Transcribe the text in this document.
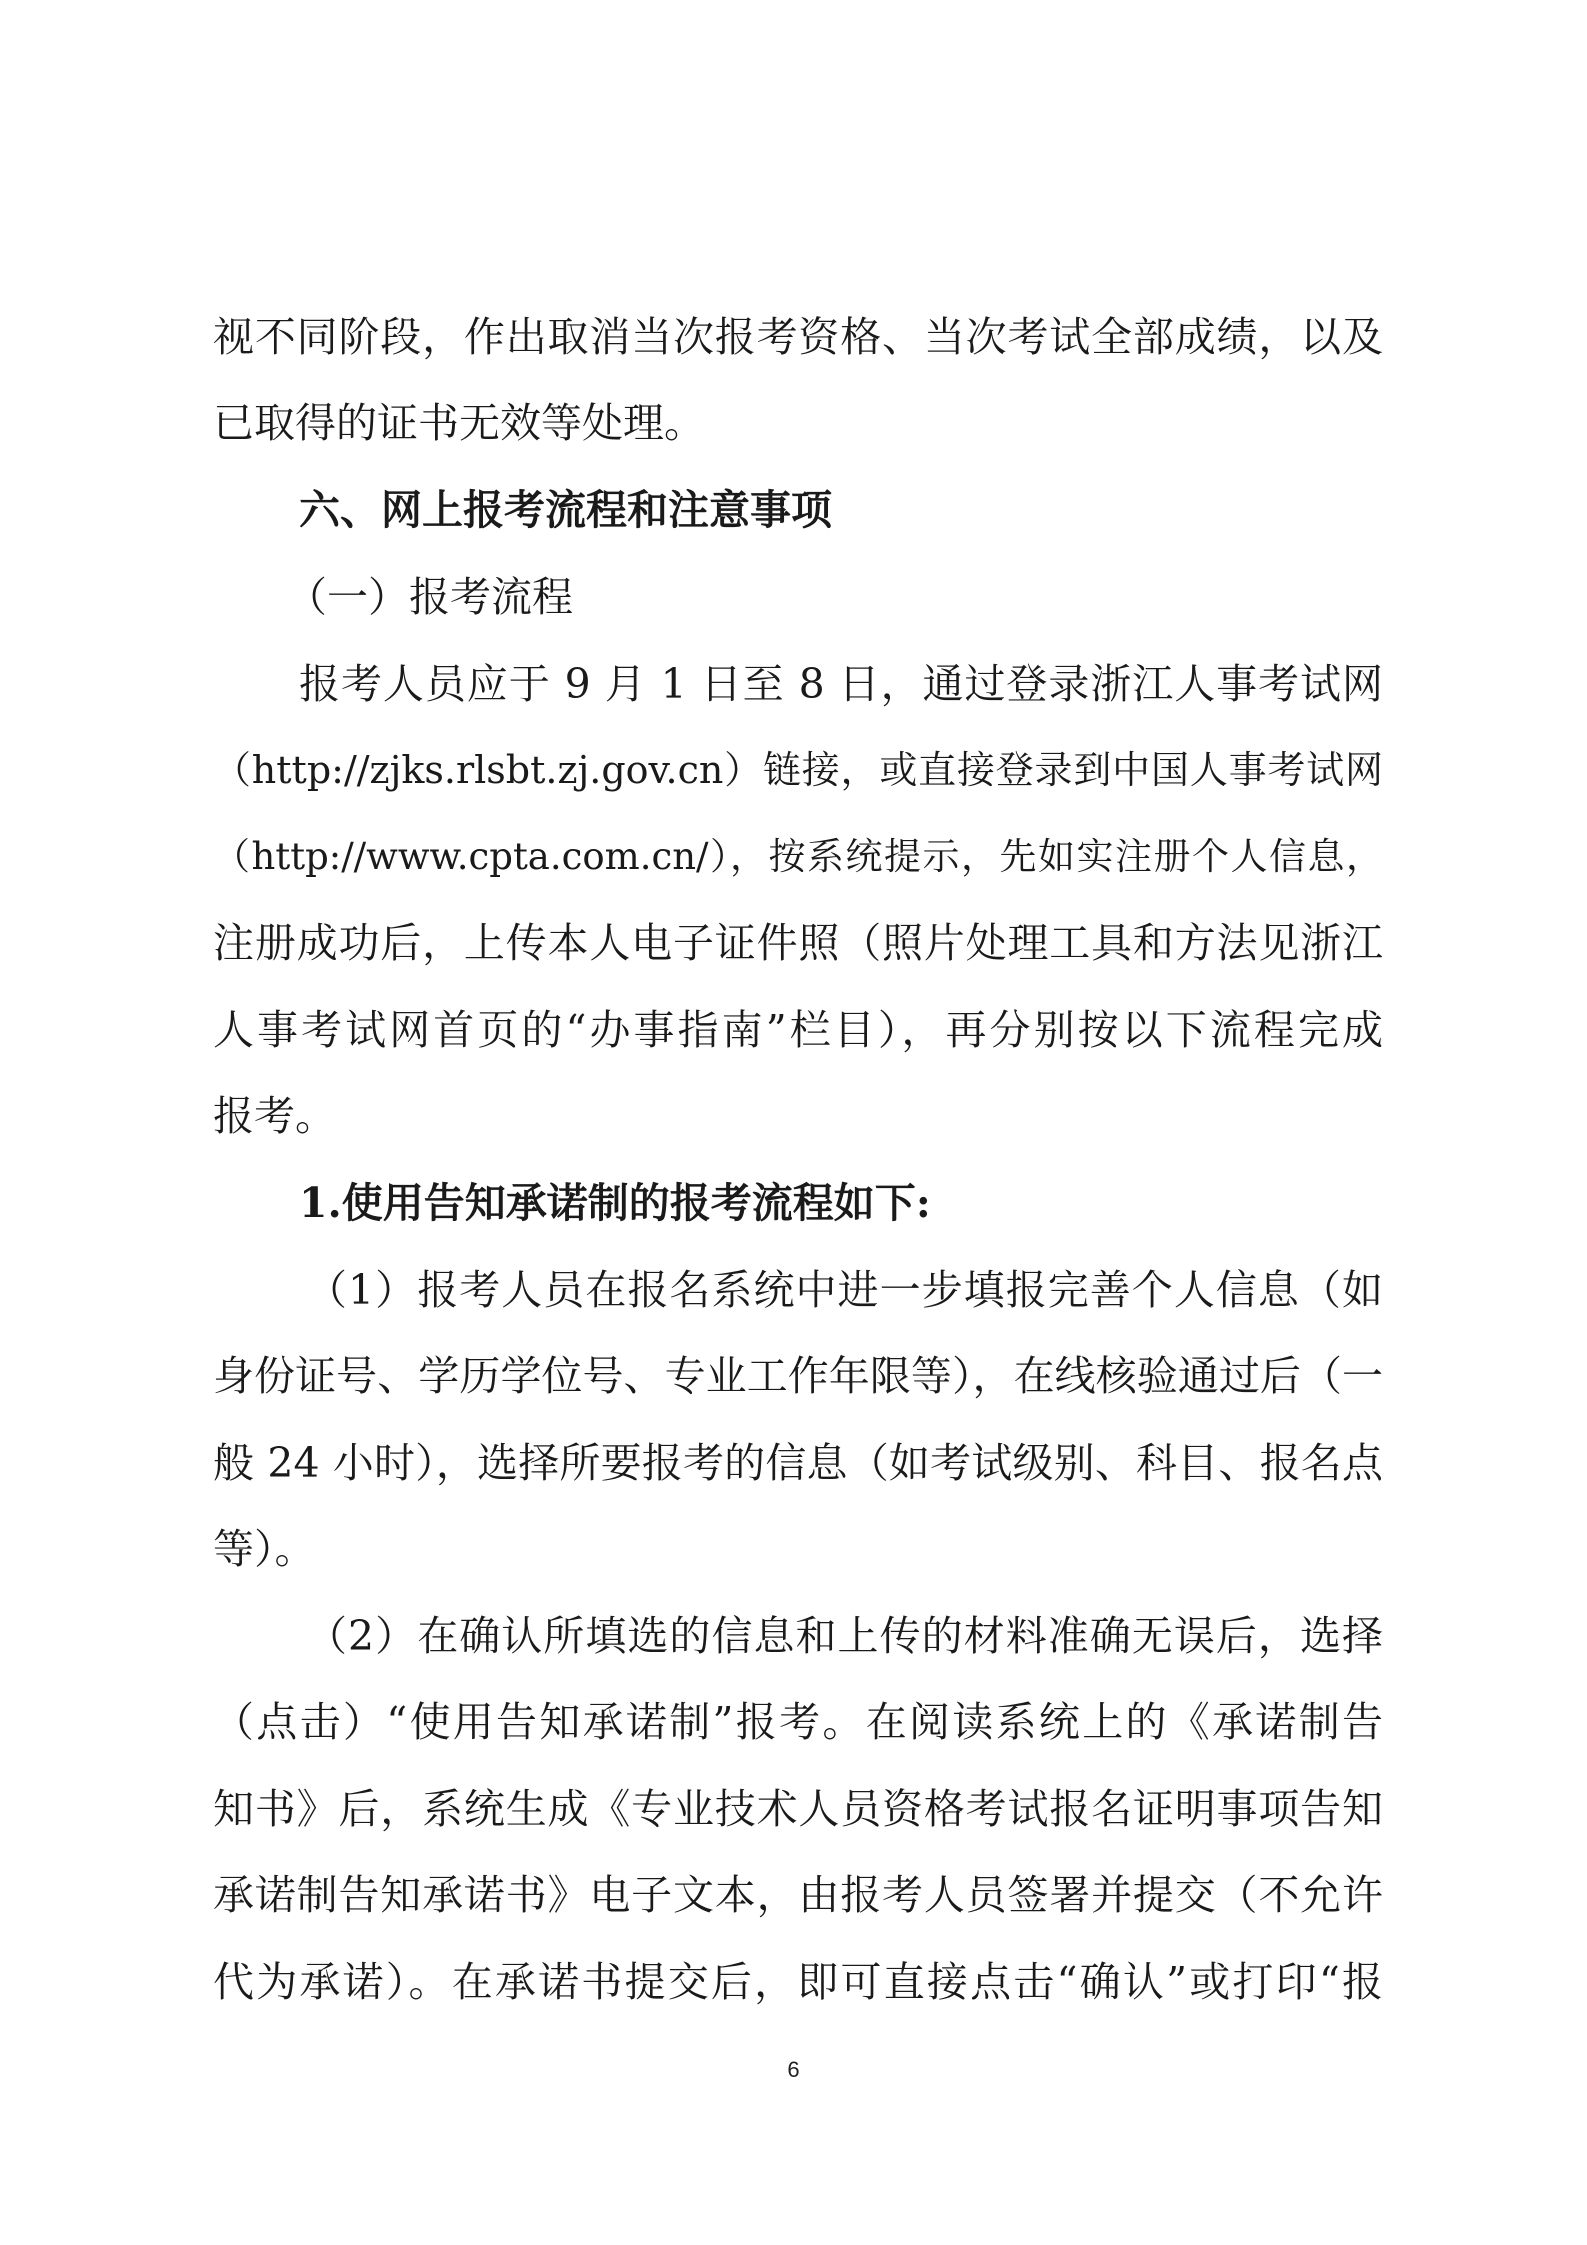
视不同阶段，作出取消当次报考资格、当次考试全部成绩，以及
已取得的证书无效等处理。
六、网上报考流程和注意事项
（一）报考流程
报考人员应于 9 月 1 日至 8 日，通过登录浙江人事考试网
（http://zjks.rlsbt.zj.gov.cn）链接，或直接登录到中国人事考试网
（http://www.cpta.com.cn/），按系统提示，先如实注册个人信息，
注册成功后，上传本人电子证件照（照片处理工具和方法见浙江
人事考试网首页的“办事指南”栏目），再分别按以下流程完成
报考。
1.使用告知承诺制的报考流程如下:
（1）报考人员在报名系统中进一步填报完善个人信息（如
身份证号、学历学位号、专业工作年限等），在线核验通过后（一
般 24 小时），选择所要报考的信息（如考试级别、科目、报名点
等）。
（2）在确认所填选的信息和上传的材料准确无误后，选择
（点击）“使用告知承诺制”报考。在阅读系统上的《承诺制告
知书》后，系统生成《专业技术人员资格考试报名证明事项告知
承诺制告知承诺书》电子文本，由报考人员签署并提交（不允许
代为承诺）。在承诺书提交后，即可直接点击“确认”或打印“报
6
